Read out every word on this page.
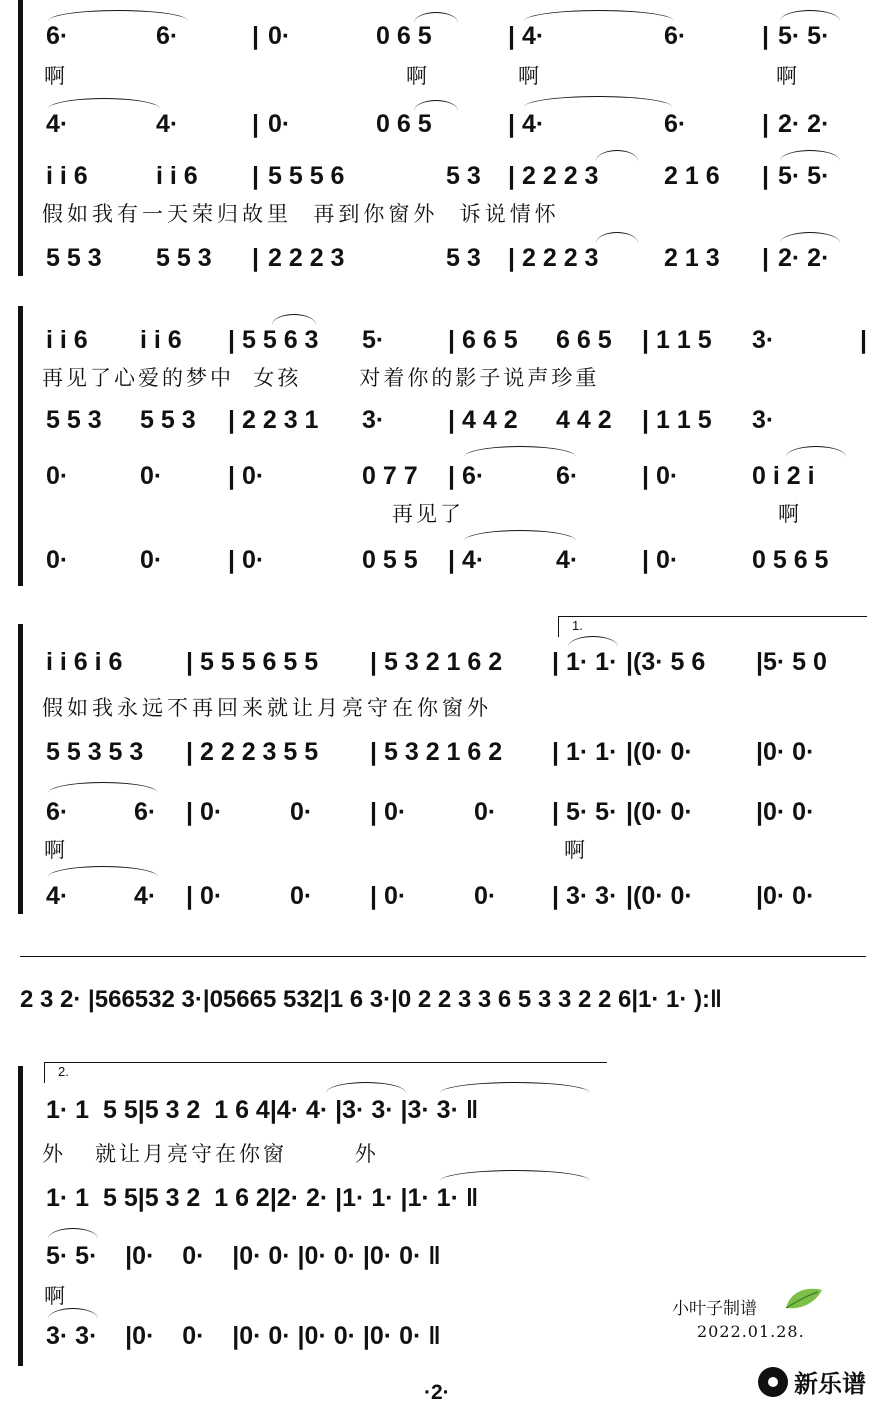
6·	6·	| 0·	0 6 5	| 4·	6·	| 5· 5·
啊	啊	啊	啊
4·	4·	| 0·	0 6 5	| 4·	6·	| 2· 2·
i i 6	i i 6 | 5 5 5 6	5 3 | 2 2 2 3	2 1 6 | 5· 5·
假如我有一天荣归故里  再到你窗外  诉说情怀
5 5 3 5 5 3 | 2 2 2 3	5 3 | 2 2 2 3	2 1 3 | 2· 2·
i i 6 i i 6 | 5 5 6 3 5·	| 6 6 5 6 6 5 | 1 1 5 3·	|
再见了心爱的梦中  女孩      对着你的影子说声珍重
5 5 3 5 5 3 | 2 2 3 1 3·	| 4 4 2 4 4 2 | 1 1 5 3·
0·	0·	| 0·	0 7 7 | 6·	6·	| 0·	0 i 2 i
再见了	啊
0·	0·	| 0·	0 5 5 | 4·	4·	| 0·	0 5 6 5
1.
i i 6 i 6	| 5 5 5 6 5 5 | 5 3 2 1 6 2 | 1· 1· |(3· 5 6 |5· 5 0
假如我永远不再回来就让月亮守在你窗外
5 5 3 5 3 | 2 2 2 3 5 5 | 5 3 2 1 6 2 | 1· 1· |(0· 0·	|0· 0·
6·	6· | 0·	0· | 0·	0· | 5· 5· |(0· 0·	|0· 0·
啊	啊
4·	4· | 0·	0· | 0·	0· | 3· 3· |(0· 0·	|0· 0·
2 3 2· |566532 3·|05665 532|1 6 3·|0 2 2 3 3 6 5 3 3 2 2 6|1· 1· ):‖
2.
1· 1  5 5|5 3 2  1 6 4|4· 4· |3· 3· |3· 3· ‖
外   就让月亮守在你窗       外
1· 1  5 5|5 3 2  1 6 2|2· 2· |1· 1· |1· 1· ‖
5· 5·    |0·    0·    |0· 0· |0· 0· |0· 0· ‖
啊
3· 3·    |0·    0·    |0· 0· |0· 0· |0· 0· ‖
小叶子制谱
2022.01.28.
·2·	新乐谱
